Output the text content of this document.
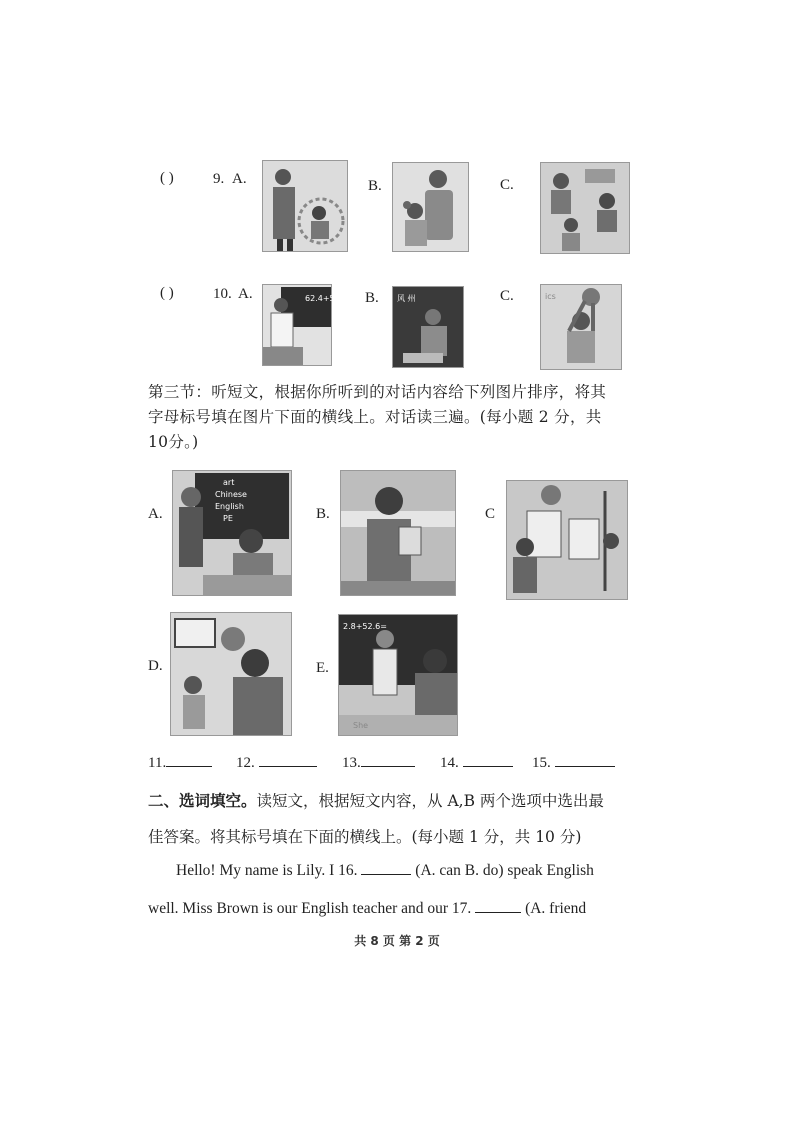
( )	9. A.	B.	C.
( )	10. A.	62.4+5 B. 风 州	C.	ics
第三节：听短文，根据你所听到的对话内容给下列图片排序，将其
字母标号填在图片下面的横线上。对话读三遍。(每小题 2 分，共
10分。)
A.
art
Chinese
English
PE	B.	C
D.	E.
2.8+52.6=
She
11.	12.	13.	14.	15.
二、选词填空。读短文，根据短文内容，从 A,B 两个选项中选出最
佳答案。将其标号填在下面的横线上。(每小题 1 分，共 10 分)
Hello! My name is Lily. I 16.	(A. can B. do) speak English
well. Miss Brown is our English teacher and our 17.	(A. friend
共 8 页 第 2 页
